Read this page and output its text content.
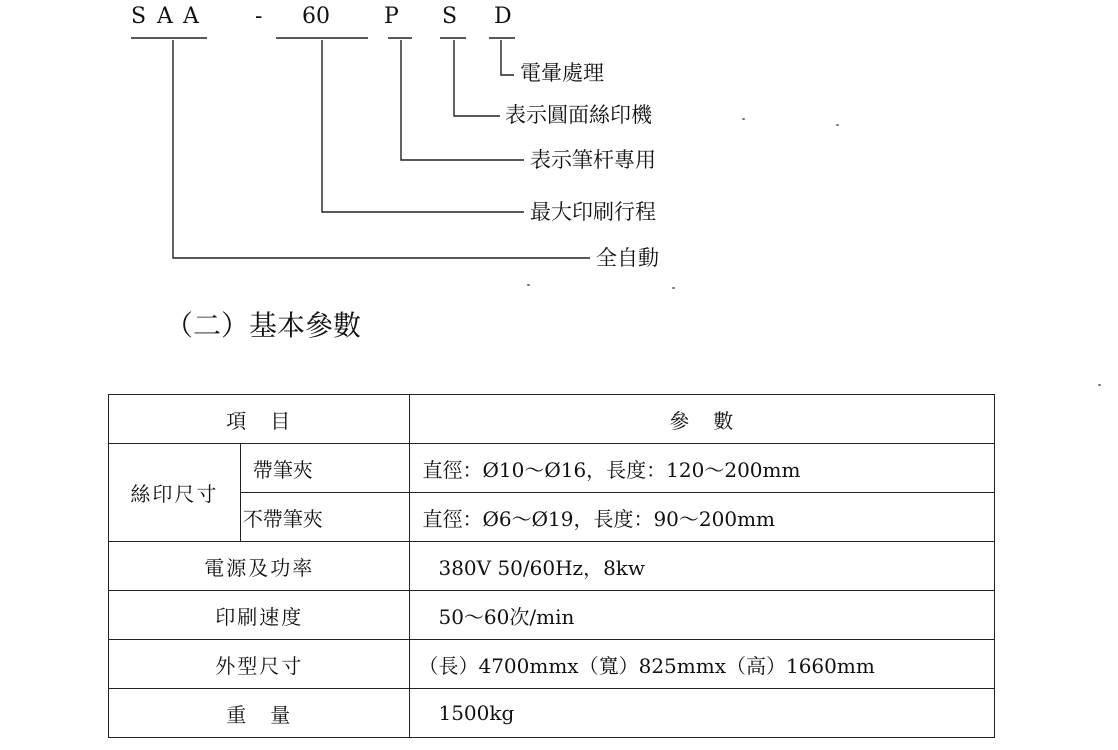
S A A	- 60 P S D
電暈處理
表示圓面絲印機
表示筆杆專用
最大印刷行程
全自動
（二）基本參數
項　目		參　數
絲印尺寸	帶筆夾	直徑：Ø10～Ø16，長度：120～200mm
	不帶筆夾	直徑：Ø6～Ø19，長度：90～200mm
電源及功率		380V 50/60Hz，8kw
印刷速度		50～60次/min
外型尺寸		（長）4700mmx（寬）825mmx（高）1660mm
重　量		1500kg
